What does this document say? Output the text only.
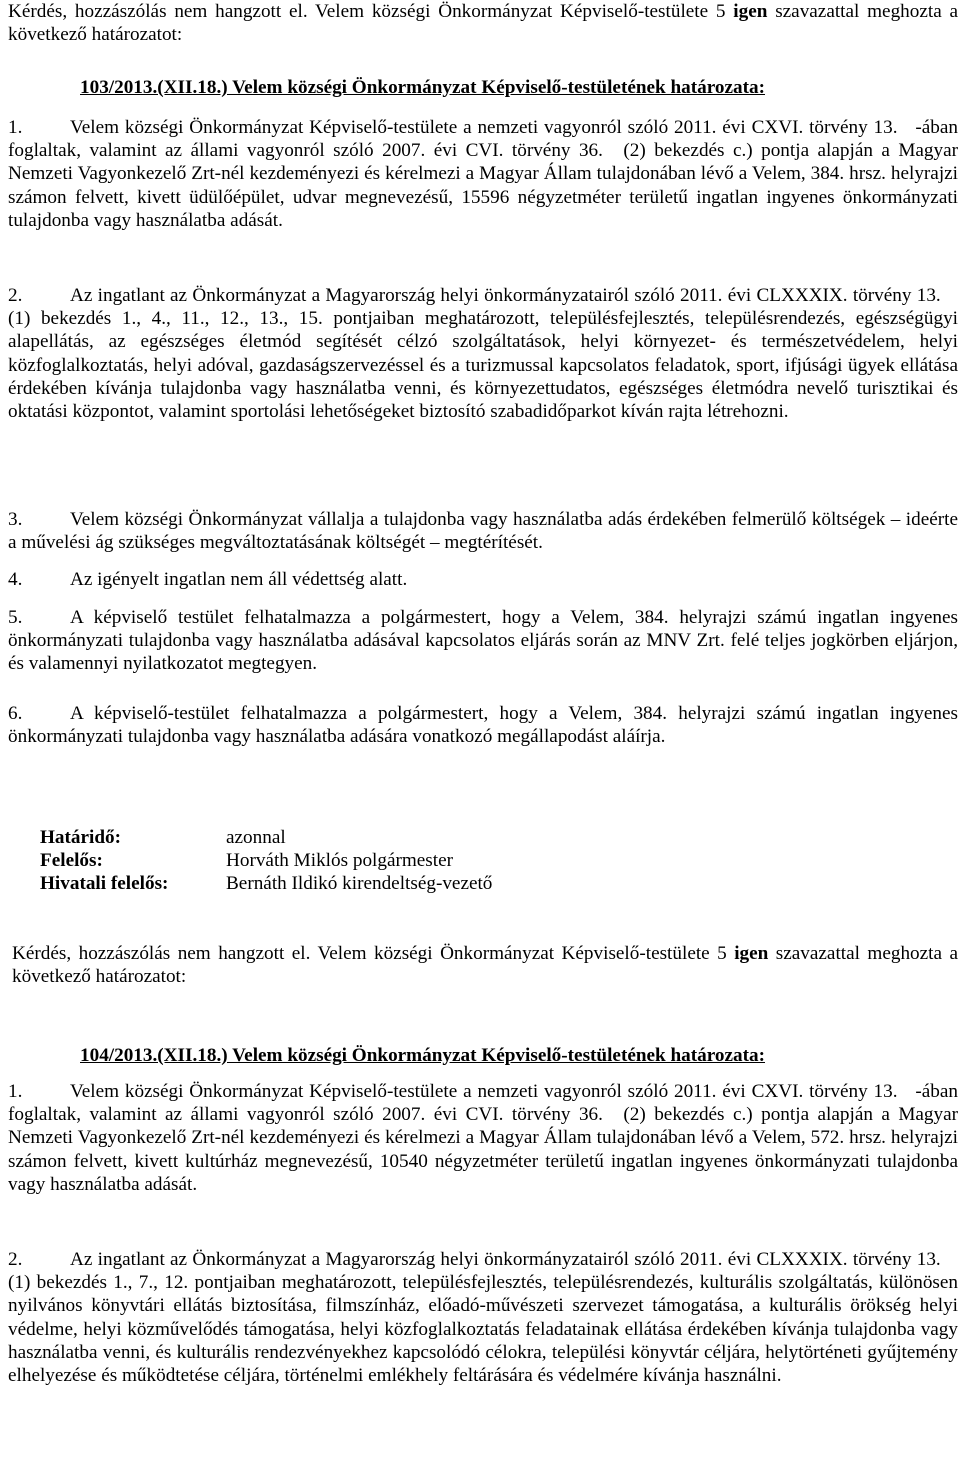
Kérdés, hozzászólás nem hangzott el. Velem községi Önkormányzat Képviselő-testülete 5 igen szavazattal meghozta a következő határozatot:

103/2013.(XII.18.) Velem községi Önkormányzat Képviselő-testületének határozata:

1. Velem községi Önkormányzat Képviselő-testülete a nemzeti vagyonról szóló 2011. évi CXVI. törvény 13. -ában foglaltak, valamint az állami vagyonról szóló 2007. évi CVI. törvény 36. (2) bekezdés c.) pontja alapján a Magyar Nemzeti Vagyonkezelő Zrt-nél kezdeményezi és kérelmezi a Magyar Állam tulajdonában lévő a Velem, 384. hrsz. helyrajzi számon felvett, kivett üdülőépület, udvar megnevezésű, 15596 négyzetméter területű ingatlan ingyenes önkormányzati tulajdonba vagy használatba adását.

2. Az ingatlant az Önkormányzat a Magyarország helyi önkormányzatairól szóló 2011. évi CLXXXIX. törvény 13. (1) bekezdés 1., 4., 11., 12., 13., 15. pontjaiban meghatározott, településfejlesztés, településrendezés, egészségügyi alapellátás, az egészséges életmód segítését célzó szolgáltatások, helyi környezet- és természetvédelem, helyi közfoglalkoztatás, helyi adóval, gazdaságszervezéssel és a turizmussal kapcsolatos feladatok, sport, ifjúsági ügyek ellátása érdekében kívánja tulajdonba vagy használatba venni, és környezettudatos, egészséges életmódra nevelő turisztikai és oktatási központot, valamint sportolási lehetőségeket biztosító szabadidőparkot kíván rajta létrehozni.

3. Velem községi Önkormányzat vállalja a tulajdonba vagy használatba adás érdekében felmerülő költségek – ideérte a művelési ág szükséges megváltoztatásának költségét – megtérítését.

4. Az igényelt ingatlan nem áll védettség alatt.

5. A képviselő testület felhatalmazza a polgármestert, hogy a Velem, 384. helyrajzi számú ingatlan ingyenes önkormányzati tulajdonba vagy használatba adásával kapcsolatos eljárás során az MNV Zrt. felé teljes jogkörben eljárjon, és valamennyi nyilatkozatot megtegyen.

6. A képviselő-testület felhatalmazza a polgármestert, hogy a Velem, 384. helyrajzi számú ingatlan ingyenes önkormányzati tulajdonba vagy használatba adására vonatkozó megállapodást aláírja.

Határidő:	azonnal
Felelős:	Horváth Miklós polgármester
Hivatali felelős:	Bernáth Ildikó kirendeltség-vezető

Kérdés, hozzászólás nem hangzott el. Velem községi Önkormányzat Képviselő-testülete 5 igen szavazattal meghozta a következő határozatot:

104/2013.(XII.18.) Velem községi Önkormányzat Képviselő-testületének határozata:

1. Velem községi Önkormányzat Képviselő-testülete a nemzeti vagyonról szóló 2011. évi CXVI. törvény 13. -ában foglaltak, valamint az állami vagyonról szóló 2007. évi CVI. törvény 36. (2) bekezdés c.) pontja alapján a Magyar Nemzeti Vagyonkezelő Zrt-nél kezdeményezi és kérelmezi a Magyar Állam tulajdonában lévő a Velem, 572. hrsz. helyrajzi számon felvett, kivett kultúrház megnevezésű, 10540 négyzetméter területű ingatlan ingyenes önkormányzati tulajdonba vagy használatba adását.

2. Az ingatlant az Önkormányzat a Magyarország helyi önkormányzatairól szóló 2011. évi CLXXXIX. törvény 13. (1) bekezdés 1., 7., 12. pontjaiban meghatározott, településfejlesztés, településrendezés, kulturális szolgáltatás, különösen nyilvános könyvtári ellátás biztosítása, filmszínház, előadó-művészeti szervezet támogatása, a kulturális örökség helyi védelme, helyi közművelődés támogatása, helyi közfoglalkoztatás feladatainak ellátása érdekében kívánja tulajdonba vagy használatba venni, és kulturális rendezvényekhez kapcsolódó célokra, települési könyvtár céljára, helytörténeti gyűjtemény elhelyezése és működtetése céljára, történelmi emlékhely feltárására és védelmére kívánja használni.
